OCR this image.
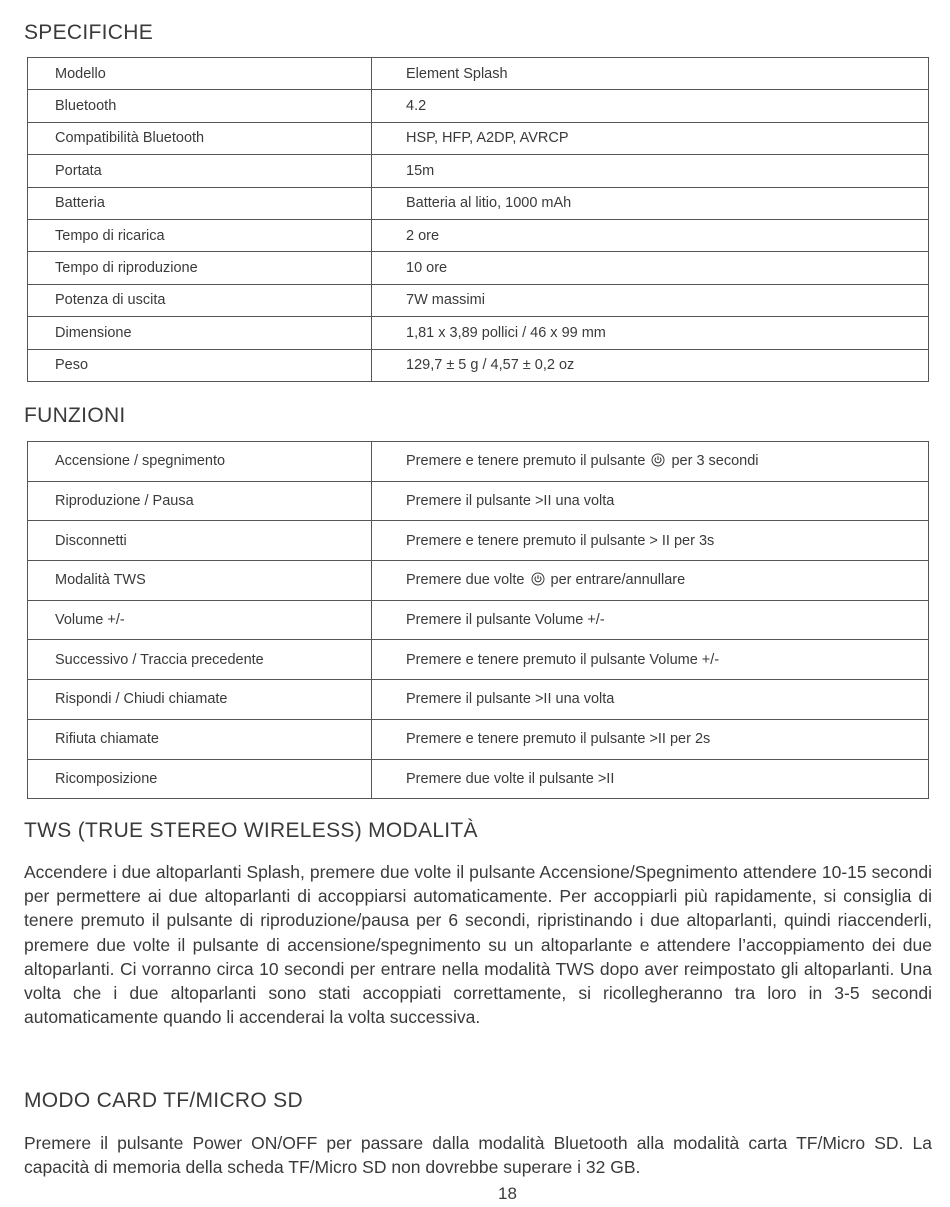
SPECIFICHE
Modello	Element Splash
Bluetooth	4.2
Compatibilità Bluetooth	HSP, HFP, A2DP, AVRCP
Portata	15m
Batteria	Batteria al litio, 1000 mAh
Tempo di ricarica	2 ore
Tempo di riproduzione	10 ore
Potenza di uscita	7W massimi
Dimensione	1,81 x 3,89 pollici / 46 x 99 mm
Peso	129,7 ± 5 g / 4,57 ± 0,2 oz
FUNZIONI
Accensione / spegnimento	Premere e tenere premuto il pulsante per 3 secondi
Riproduzione / Pausa	Premere il pulsante >II una volta
Disconnetti	Premere e tenere premuto il pulsante > II per 3s
Modalità TWS	Premere due volte per entrare/annullare
Volume +/-	Premere il pulsante Volume +/-
Successivo / Traccia precedente	Premere e tenere premuto il pulsante Volume +/-
Rispondi / Chiudi chiamate	Premere il pulsante >II una volta
Rifiuta chiamate	Premere e tenere premuto il pulsante >II per 2s
Ricomposizione	Premere due volte il pulsante >II
TWS (TRUE STEREO WIRELESS) MODALITÀ

Accendere i due altoparlanti Splash, premere due volte il pulsante Accensione/Spegnimento attendere 10-15 secondi per permettere ai due altoparlanti di accoppiarsi automaticamente. Per accoppiarli più rapidamente, si consiglia di tenere premuto il pulsante di riproduzione/pausa per 6 secondi, ripristinando i due altoparlanti, quindi riaccenderli, premere due volte il pulsante di accensione/spegnimento su un altoparlante e attendere l’accoppiamento dei due altoparlanti. Ci vorranno circa 10 secondi per entrare nella modalità TWS dopo aver reimpostato gli altoparlanti. Una volta che i due altoparlanti sono stati accoppiati correttamente, si ricollegheranno tra loro in 3-5 secondi automaticamente quando li accenderai la volta successiva.

MODO CARD TF/MICRO SD

Premere il pulsante Power ON/OFF per passare dalla modalità Bluetooth alla modalità carta TF/Micro SD. La capacità di memoria della scheda TF/Micro SD non dovrebbe superare i 32 GB.

18
